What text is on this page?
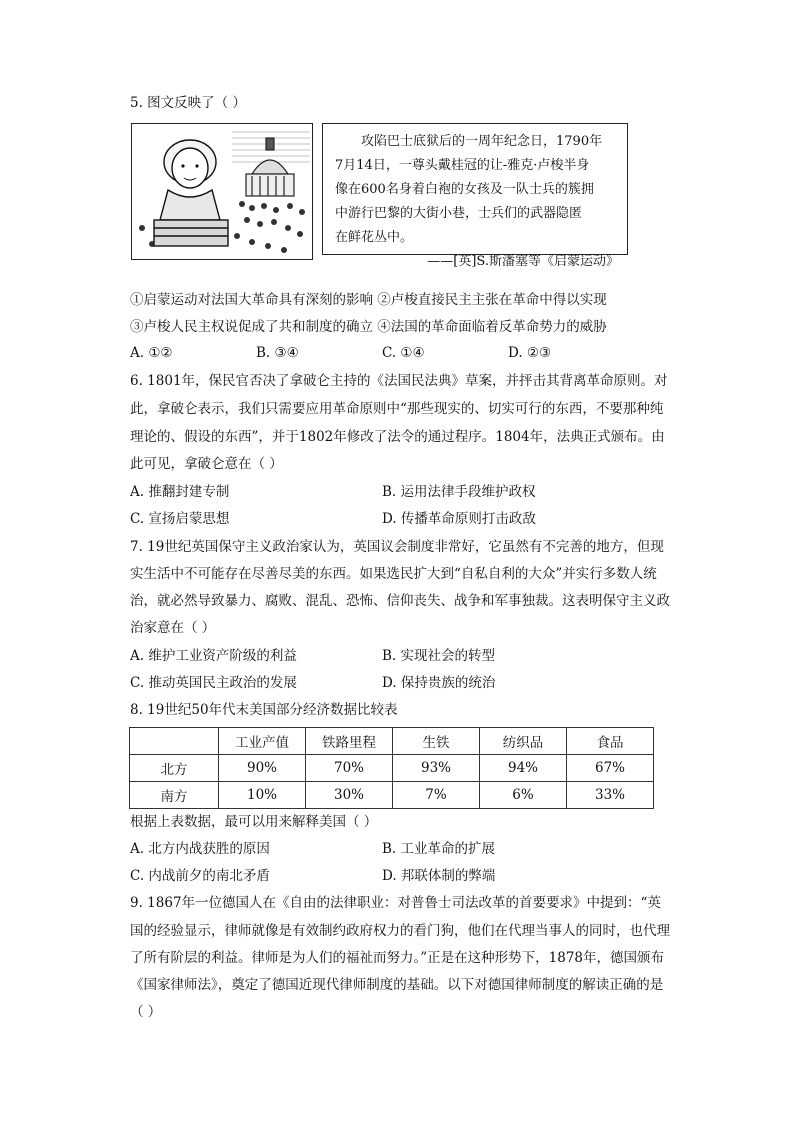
5. 图文反映了（ ）

攻陷巴士底狱后的一周年纪念日，1790年

7月14日，一尊头戴桂冠的让-雅克·卢梭半身

像在600名身着白袍的女孩及一队士兵的簇拥

中游行巴黎的大街小巷，士兵们的武器隐匿

在鲜花丛中。

——[英]S.斯潘塞等《启蒙运动》

①启蒙运动对法国大革命具有深刻的影响 ②卢梭直接民主主张在革命中得以实现
③卢梭人民主权说促成了共和制度的确立 ④法国的革命面临着反革命势力的威胁
A. ①②	B. ③④	C. ①④	D. ②③
6. 1801年，保民官否决了拿破仑主持的《法国民法典》草案，并抨击其背离革命原则。对
此，拿破仑表示，我们只需要应用革命原则中“那些现实的、切实可行的东西，不要那种纯
理论的、假设的东西”，并于1802年修改了法令的通过程序。1804年，法典正式颁布。由
此可见，拿破仑意在（ ）
A. 推翻封建专制	B. 运用法律手段维护政权
C. 宣扬启蒙思想	D. 传播革命原则打击政敌
7. 19世纪英国保守主义政治家认为，英国议会制度非常好，它虽然有不完善的地方，但现
实生活中不可能存在尽善尽美的东西。如果选民扩大到“自私自利的大众”并实行多数人统
治，就必然导致暴力、腐败、混乱、恐怖、信仰丧失、战争和军事独裁。这表明保守主义政
治家意在（ ）
A. 维护工业资产阶级的利益	B. 实现社会的转型
C. 推动英国民主政治的发展	D. 保持贵族的统治
8. 19世纪50年代末美国部分经济数据比较表
	工业产值	铁路里程	生铁	纺织品	食品
北方	90%	70%	93%	94%	67%
南方	10%	30%	7%	6%	33%
根据上表数据，最可以用来解释美国（ ）
A. 北方内战获胜的原因	B. 工业革命的扩展
C. 内战前夕的南北矛盾	D. 邦联体制的弊端
9. 1867年一位德国人在《自由的法律职业：对普鲁士司法改革的首要要求》中提到：“英
国的经验显示，律师就像是有效制约政府权力的看门狗，他们在代理当事人的同时，也代理
了所有阶层的利益。律师是为人们的福祉而努力。”正是在这种形势下，1878年，德国颁布
《国家律师法》，奠定了德国近现代律师制度的基础。以下对德国律师制度的解读正确的是
（ ）
